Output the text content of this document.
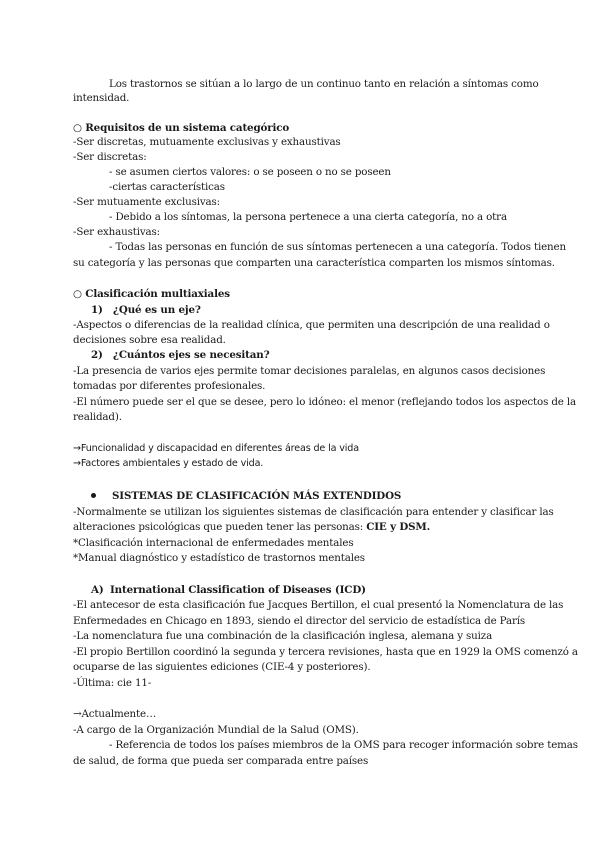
Los trastornos se sitúan a lo largo de un continuo tanto en relación a síntomas como
intensidad.
○ Requisitos de un sistema categórico
-Ser discretas, mutuamente exclusivas y exhaustivas
-Ser discretas:
- se asumen ciertos valores: o se poseen o no se poseen
-ciertas características
-Ser mutuamente exclusivas:
- Debido a los síntomas, la persona pertenece a una cierta categoría, no a otra
-Ser exhaustivas:
- Todas las personas en función de sus síntomas pertenecen a una categoría. Todos tienen
su categoría y las personas que comparten una característica comparten los mismos síntomas.
○ Clasificación multiaxiales
1) ¿Qué es un eje?
-Aspectos o diferencias de la realidad clínica, que permiten una descripción de una realidad o
decisiones sobre esa realidad.
2) ¿Cuántos ejes se necesitan?
-La presencia de varios ejes permite tomar decisiones paralelas, en algunos casos decisiones
tomadas por diferentes profesionales.
-El número puede ser el que se desee, pero lo idóneo: el menor (reflejando todos los aspectos de la
realidad).
→Funcionalidad y discapacidad en diferentes áreas de la vida
→Factores ambientales y estado de vida.
SISTEMAS DE CLASIFICACIÓN MÁS EXTENDIDOS
-Normalmente se utilizan los siguientes sistemas de clasificación para entender y clasificar las
alteraciones psicológicas que pueden tener las personas: CIE y DSM.
*Clasificación internacional de enfermedades mentales
*Manual diagnóstico y estadístico de trastornos mentales
A) International Classification of Diseases (ICD)
-El antecesor de esta clasificación fue Jacques Bertillon, el cual presentó la Nomenclatura de las
Enfermedades en Chicago en 1893, siendo el director del servicio de estadística de París
-La nomenclatura fue una combinación de la clasificación inglesa, alemana y suiza
-El propio Bertillon coordinó la segunda y tercera revisiones, hasta que en 1929 la OMS comenzó a
ocuparse de las siguientes ediciones (CIE-4 y posteriores).
-Última: cie 11-
→Actualmente…
-A cargo de la Organización Mundial de la Salud (OMS).
- Referencia de todos los países miembros de la OMS para recoger información sobre temas
de salud, de forma que pueda ser comparada entre países
